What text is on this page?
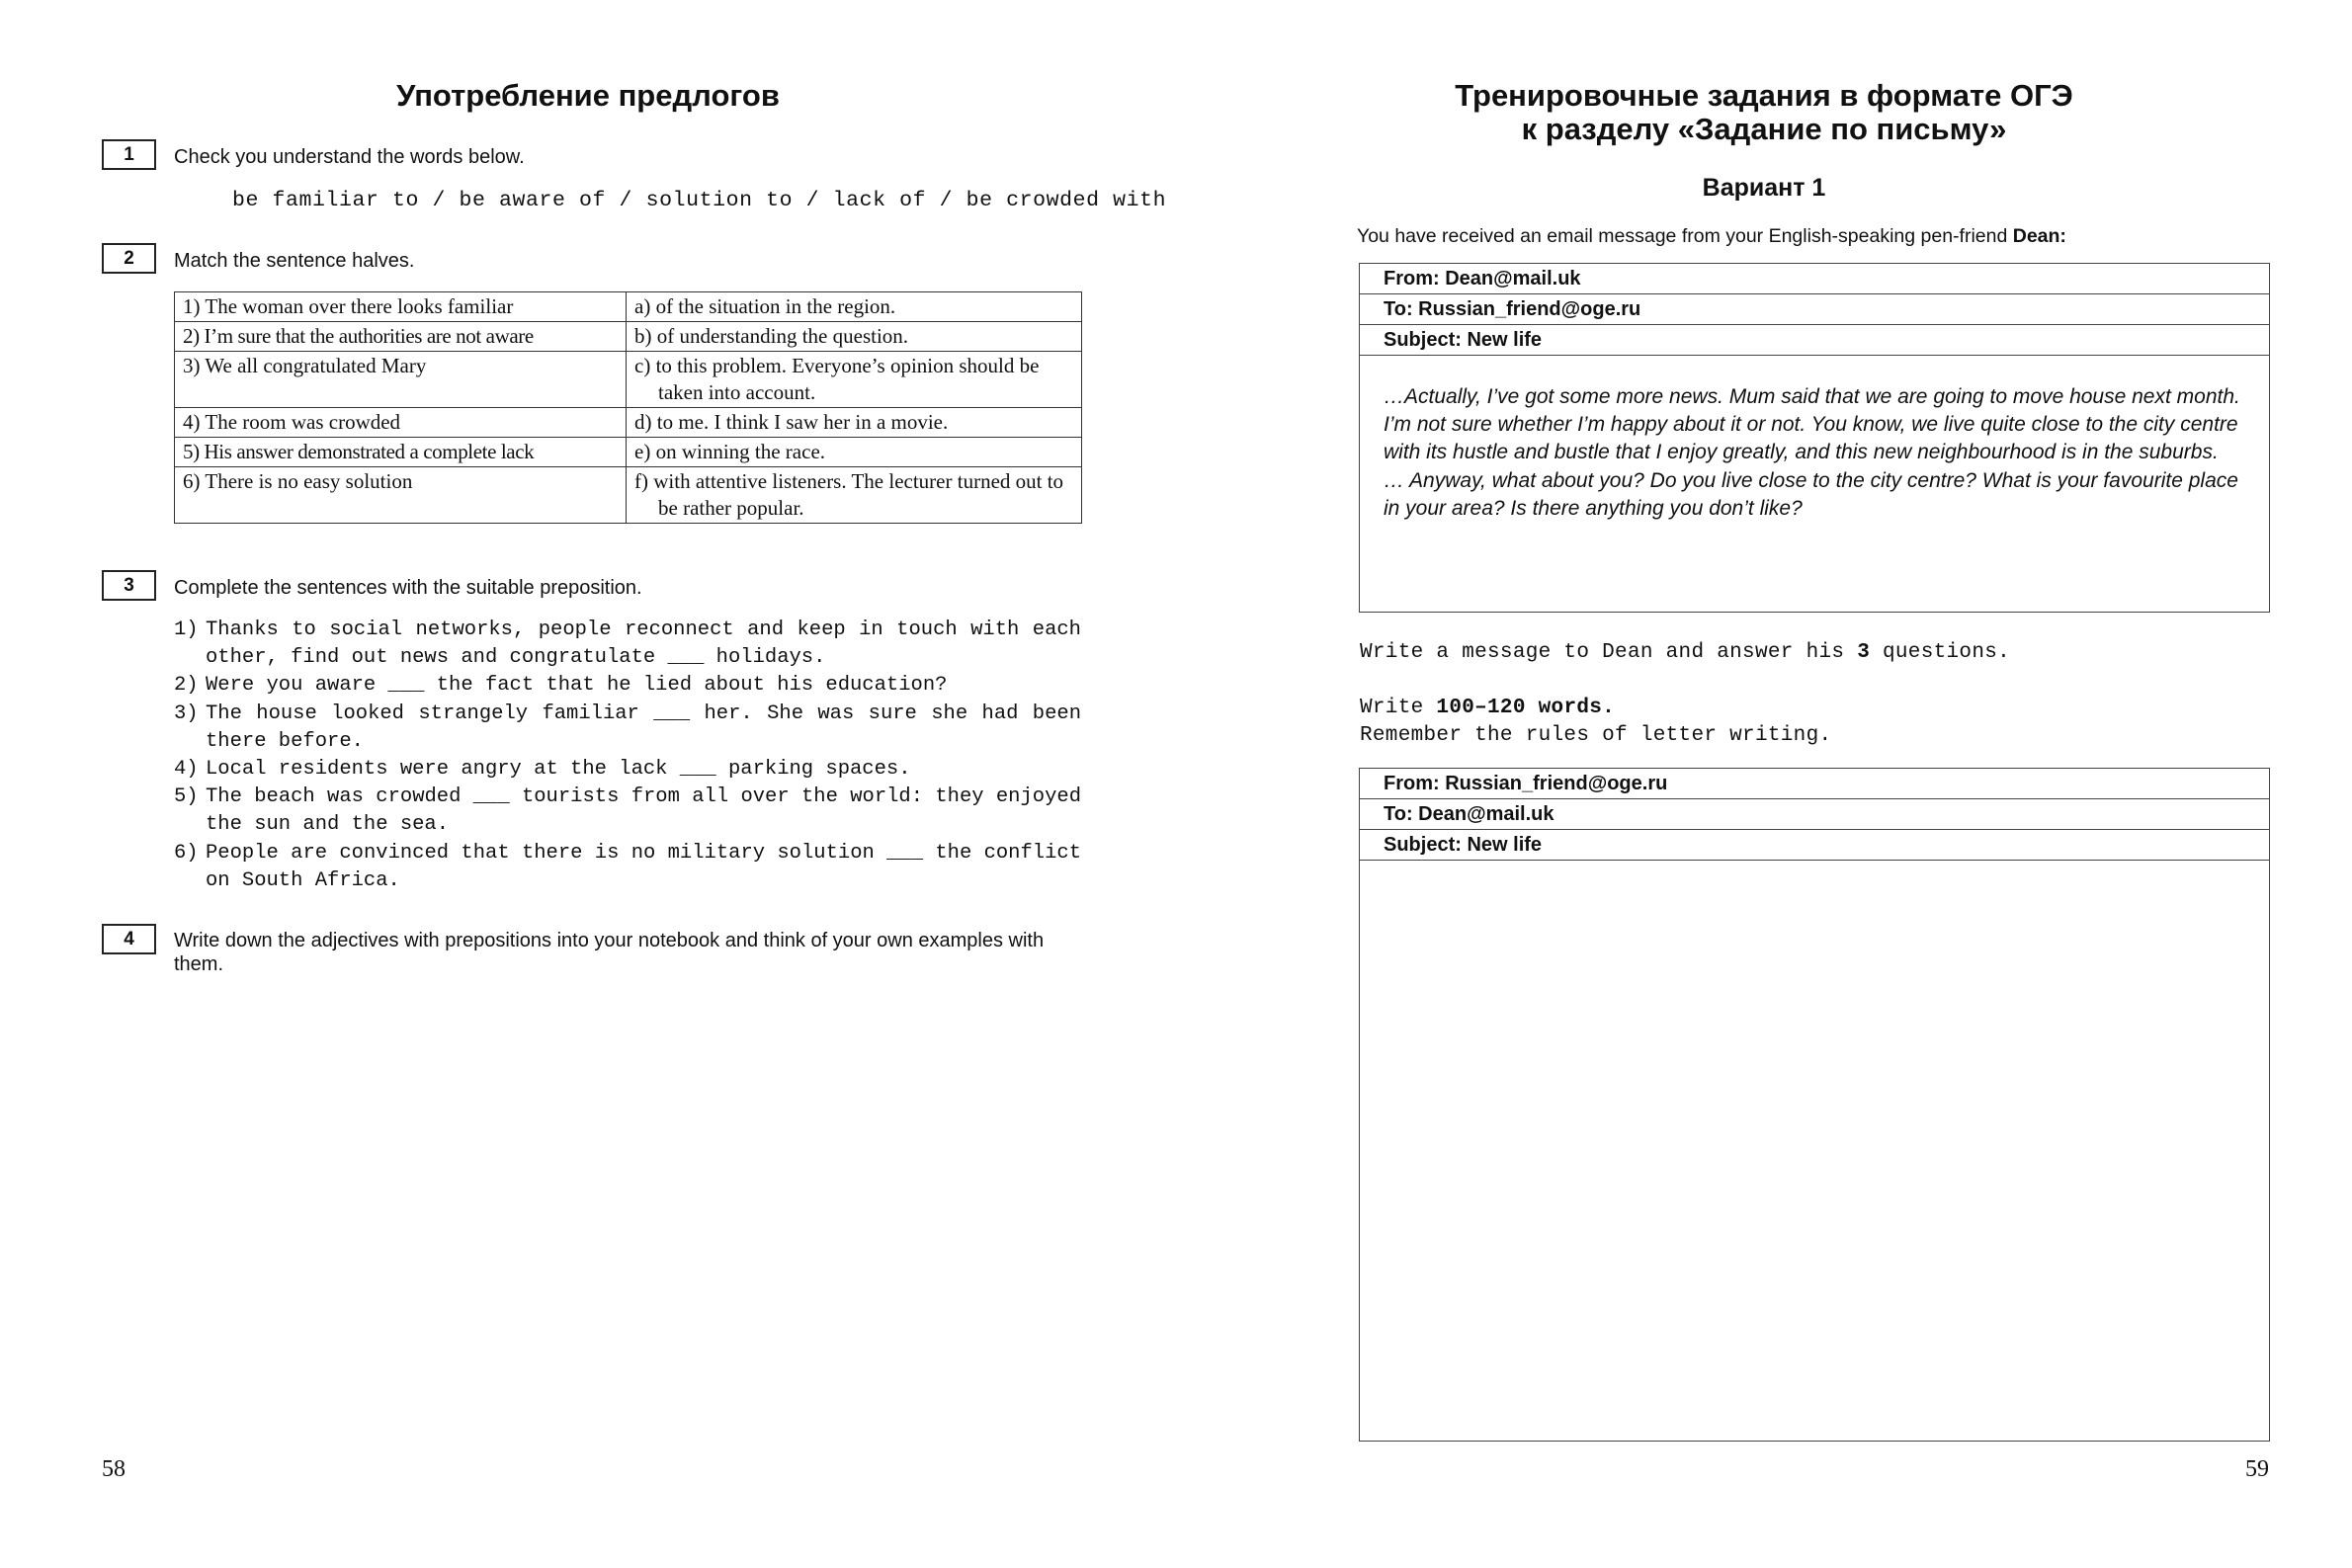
Употребление предлогов
1	Check you understand the words below.
be familiar to / be aware of / solution to / lack of / be crowded with
2	Match the sentence halves.
1) The woman over there looks familiar	a) of the situation in the region.

2) I’m sure that the authorities are not aware	b) of understanding the question.

3) We all congratulated Mary	c) to this problem. Everyone’s opinion should be taken into account.

4) The room was crowded	d) to me. I think I saw her in a movie.

5) His answer demonstrated a complete lack	e) on winning the race.

6) There is no easy solution	f) with attentive listeners. The lecturer turned out to be rather popular.
3	Complete the sentences with the suitable preposition.
1) Thanks to social networks, people reconnect and keep in touch with each other, find out news and congratulate ___ holidays.
2) Were you aware ___ the fact that he lied about his education?
3) The house looked strangely familiar ___ her. She was sure she had been there before.
4) Local residents were angry at the lack ___ parking spaces.
5) The beach was crowded ___ tourists from all over the world: they enjoyed the sun and the sea.
6) People are convinced that there is no military solution ___ the conflict on South Africa.
4	Write down the adjectives with prepositions into your notebook and think of your own examples with them.
58
Тренировочные задания в формате ОГЭ
к разделу «Задание по письму»
Вариант 1
You have received an email message from your English-speaking pen-friend Dean:
From: Dean@mail.uk
To: Russian_friend@oge.ru
Subject: New life

…Actually, I’ve got some more news. Mum said that we are going to move house next month. I’m not sure whether I’m happy about it or not. You know, we live quite close to the city centre with its hustle and bustle that I enjoy greatly, and this new neighbourhood is in the suburbs.

… Anyway, what about you? Do you live close to the city centre? What is your favourite place in your area? Is there anything you don’t like?

Write a message to Dean and answer his 3 questions.
Write 100–120 words.
Remember the rules of letter writing.
From: Russian_friend@oge.ru
To: Dean@mail.uk
Subject: New life
59
